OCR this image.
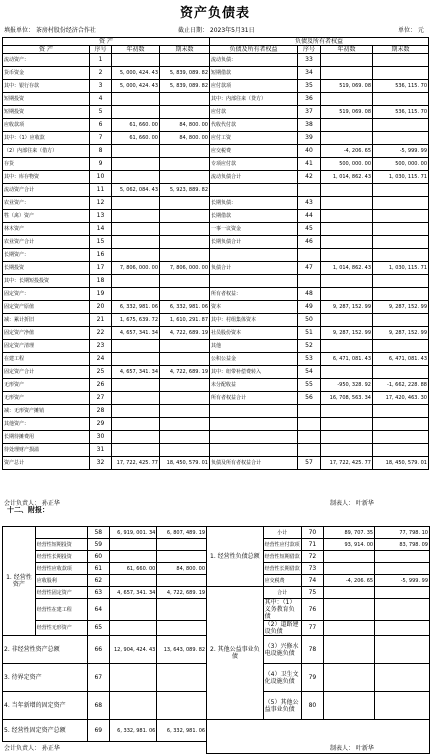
资产负债表
填报单位： 茶房村股份经济合作社	截止日期： 2023年5月31日	单位： 元
资 产				负债及所有者权益			
资 产	序号	年初数	期末数	负债及所有者权益	序号	年初数	期末数
流动资产：	1			流动负债：	33		
货币资金	2	5, 000, 424. 43	5, 839, 089. 82	短期借款	34		
其中：银行存款	3	5, 000, 424. 43	5, 839, 089. 82	应付款项	35	519, 069. 08	536, 115. 70
短期投资	4			其中：内部往来（贷方）	36		
短期投资	5			应付款	37	519, 069. 08	536, 115. 70
应收款项	6	61, 660. 00	84, 800. 00	代收代付款	38		
其中：（1）应收款	7	61, 660. 00	84, 800. 00	应付工资	39		
（2）内部往来（借方）	8			应交税费	40	-4, 206. 65	-5, 999. 99
存货	9			专项应付款	41	500, 000. 00	500, 000. 00
其中：库存物资	10			流动负债合计	42	1, 014, 862. 43	1, 030, 115. 71
流动资产合计	11	5, 062, 084. 43	5, 923, 889. 82				
农业资产：	12			长期负债：	43		
牲（禽）资产	13			长期借款	44		
林木资产	14			一事一议资金	45		
农业资产合计	15			长期负债合计	46		
长期资产：	16						
长期投资	17	7, 806, 000. 00	7, 806, 000. 00	负债合计	47	1, 014, 862. 43	1, 030, 115. 71
其中：长期短投投资	18						
固定资产：	19			所有者权益：	48		
固定资产原值	20	6, 332, 981. 06	6, 332, 981. 06	资本	49	9, 287, 152. 99	9, 287, 152. 99
减：累计折旧	21	1, 675, 639. 72	1, 610, 291. 87	其中：村组集体资本	50		
固定资产净值	22	4, 657, 341. 34	4, 722, 689. 19	社员股份资本	51	9, 287, 152. 99	9, 287, 152. 99
固定资产清理	23			其他	52		
在建工程	24			公积公益金	53	6, 471, 081. 43	6, 471, 081. 43
固定资产合计	25	4, 657, 341. 34	4, 722, 689. 19	其中：纽带补偿费转入	54		
无形资产	26			未分配收益	55	-950, 328. 92	-1, 662, 228. 88
无形资产	27			所有者权益合计	56	16, 708, 563. 34	17, 420, 463. 30
减：无形资产摊销	28						
其他资产：	29						
长期待摊费用	30						
待处理财产损溢	31						
资产总计	32	17, 722, 425. 77	18, 450, 579. 01	负债及所有者权益合计	57	17, 722, 425. 77	18, 450, 579. 01
会计负责人： 孙正华	制表人： 叶新华
十二、附报：
1. 经营性资产		58	6, 919, 001. 34	6, 807, 489. 19	1. 经营性负债总额	小计	70	89, 707. 35	77, 798. 10
	经营性短期投资	59				经营性应付款项	71	93, 914. 00	83, 798. 09
	经营性长期投资	60				经营性短期借款	72		
	经营性应收款项	61	61, 660. 00	84, 800. 00		经营性长期借款	73		
	应收股利	62				应交税费	74	-4, 206. 65	-5, 999. 99
	经营性固定资产	63	4, 657, 341. 34	4, 722, 689. 19	2. 其他公益事业负债	合计	75		
	经营性在建工程	64				其中：（1）义务教育负债	76		
	经营性无形资产	65				（2）道路建设负债	77		
2. 非经营性资产总额		66	12, 904, 424. 43	13, 643, 089. 82		（3）兴修水电设施负债	78		
3. 待界定资产		67				（4）卫生文化设施负债	79		
4. 当年新增的固定资产		68				（5）其他公益事业负债	80		
5. 经营性固定资产总额		69	6, 332, 981. 06	6, 332, 981. 06					

会计负责人： 孙正华	制表人： 叶新华
